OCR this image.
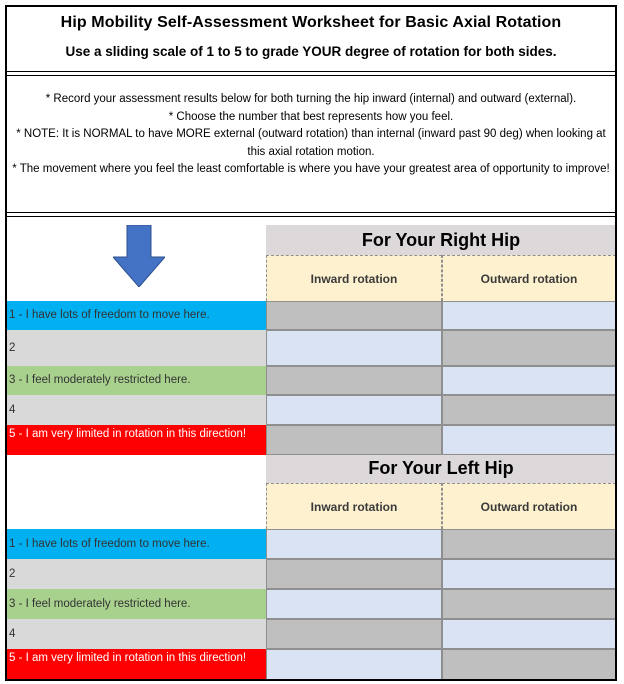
Hip Mobility Self-Assessment Worksheet for Basic Axial Rotation
Use a sliding scale of 1 to 5 to grade YOUR degree of rotation for both sides.
* Record your assessment results below for both turning the hip inward (internal) and outward (external).
* Choose the number that best represents how you feel.
* NOTE: It is NORMAL to have MORE external (outward rotation) than internal (inward past 90 deg) when looking at this axial rotation motion.
* The movement where you feel the least comfortable is where you have your greatest area of opportunity to improve!
For Your Right Hip
Inward rotation	Outward rotation
1 - I have lots of freedom to move here.
2
3 - I feel moderately restricted here.
4
5 - I am very limited in rotation in this direction!
For Your Left Hip
Inward rotation	Outward rotation
1 - I have lots of freedom to move here.
2
3 - I feel moderately restricted here.
4
5 - I am very limited in rotation in this direction!
